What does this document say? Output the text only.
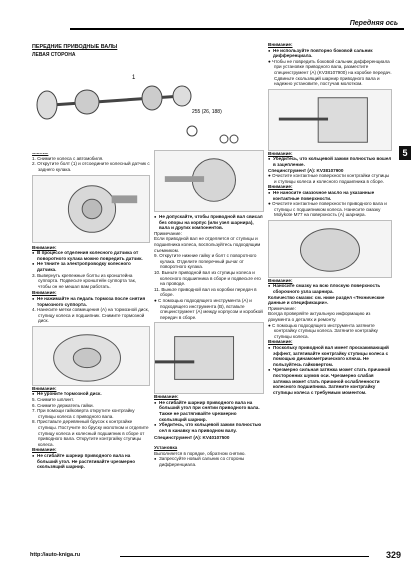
Передняя ось
5
ПЕРЕДНИЕ ПРИВОДНЫЕ ВАЛЫ
ЛЕВАЯ СТОРОНА
1
255 (26, 188)
1. Снимите колеса с автомобиля.
2. Открутите болт (1) и отсоедините колесный датчик с заднего кулака.
Внимание:
● В процессе отделения колесного датчика от поворотного кулака можно повредить датчик.
● Не тяните за электропроводку колесного датчика.
3. Вывернуть крепежные болты из кронштейна суппорта. Подвесьте кронштейн суппорта так, чтобы он не мешал вам работать.
Внимание:
● Не нажимайте на педаль тормоза после снятия тормозного суппорта.
4. Нанесите метки совмещения (A) на тормозной диск, ступицу колеса и подшипник. Снимите тормозной диск.
Внимание:
● Не уроните тормозной диск.
5. Снимите шплинт.
6. Снимите держатель гайки.
7. При помощи гайковерта открутите контргайку ступицы колеса с приводного вала.
8. Приставьте деревянный брусок к контргайке ступицы. Постучите по бруску молотком и отделите ступицу колеса и колесный подшипник в сборе от приводного вала. Открутите контргайку ступицы колеса.
Внимание:
● Не сгибайте шарнир приводного вала на больший угол. Не растягивайте чрезмерно скользящий шарнир.
● Не допускайте, чтобы приводной вал свисал без опоры на корпус (или узел шарнира), вала и других компонентов.
Примечание:
Если приводной вал не отделяется от ступицы и подшипника колеса, воспользуйтесь подходящим съемником.
9. Открутите нижние гайку и болт с поворотного кулака. Отделите поперечный рычаг от поворотного кулака.
10. Выньте приводной вал из ступицы колеса и колесного подшипника в сборе и подвесьте его на проводе.
11. Выньте приводной вал из коробки передач в сборе.
● С помощью подходящего инструмента (A) и подходящего инструмента (B), вставьте специнструмент (A) между корпусом и коробкой передач в сборе.
Внимание:
● Не сгибайте шарнир приводного вала на больший угол при снятии приводного вала. Также не растягивайте чрезмерно скользящий шарнир.
● Убедитесь, что кольцевой зажим полностью сел в канавку на приводном валу.
Специнструмент (A): KV40107500
Установка
Выполняется в порядке, обратном снятию.
● Запрессуйте новый сальник со стороны дифференциала.
Внимание:
● Не используйте повторно боковой сальник дифференциала.
● Чтобы не повредить боковой сальник дифференциала при установке приводного вала, разместите специнструмент (A) (KV38107900) на коробке передач. Сдвиньте скользящий шарнир приводного вала и надежно установите, постучав молотком.
Внимание:
● Убедитесь, что кольцевой зажим полностью вошел в зацепление.
Специнструмент (A): KV38107900
● Очистите контактные поверхности контргайки ступицы и ступицы колеса и колесного подшипника в сборе.
Внимание:
● Не наносите смазочное масло на указанные контактные поверхности.
● Очистите контактные поверхности приводного вала и ступицы с подшипником колеса. Нанесите смазку Molykote M77 на поверхность (A) шарнира.
Внимание:
● Наносите смазку на всю плоскую поверхность сборочного узла шарнира.
Количество смазки: см. ниже раздел «Технические данные и спецификации».
Примечание:
Всегда проверяйте актуальную информацию из документа о деталях и ремонту.
● С помощью подходящего инструмента затяните контргайку ступицы колеса. Затяните контргайку ступицы колеса.
Внимание:
● Поскольку приводной вал имеет проскакивающий эффект, затягивайте контргайку ступицы колеса с помощью динамометрического ключа. Не пользуйтесь гайковертом.
● Чрезмерно сильная затяжка может стать причиной посторонних шумов оси. Чрезмерно слабая затяжка может стать причиной ослабленности колесного подшипника. Затяните контргайку ступицы колеса с требуемым моментом.
http://auto-knigа.ru	329
